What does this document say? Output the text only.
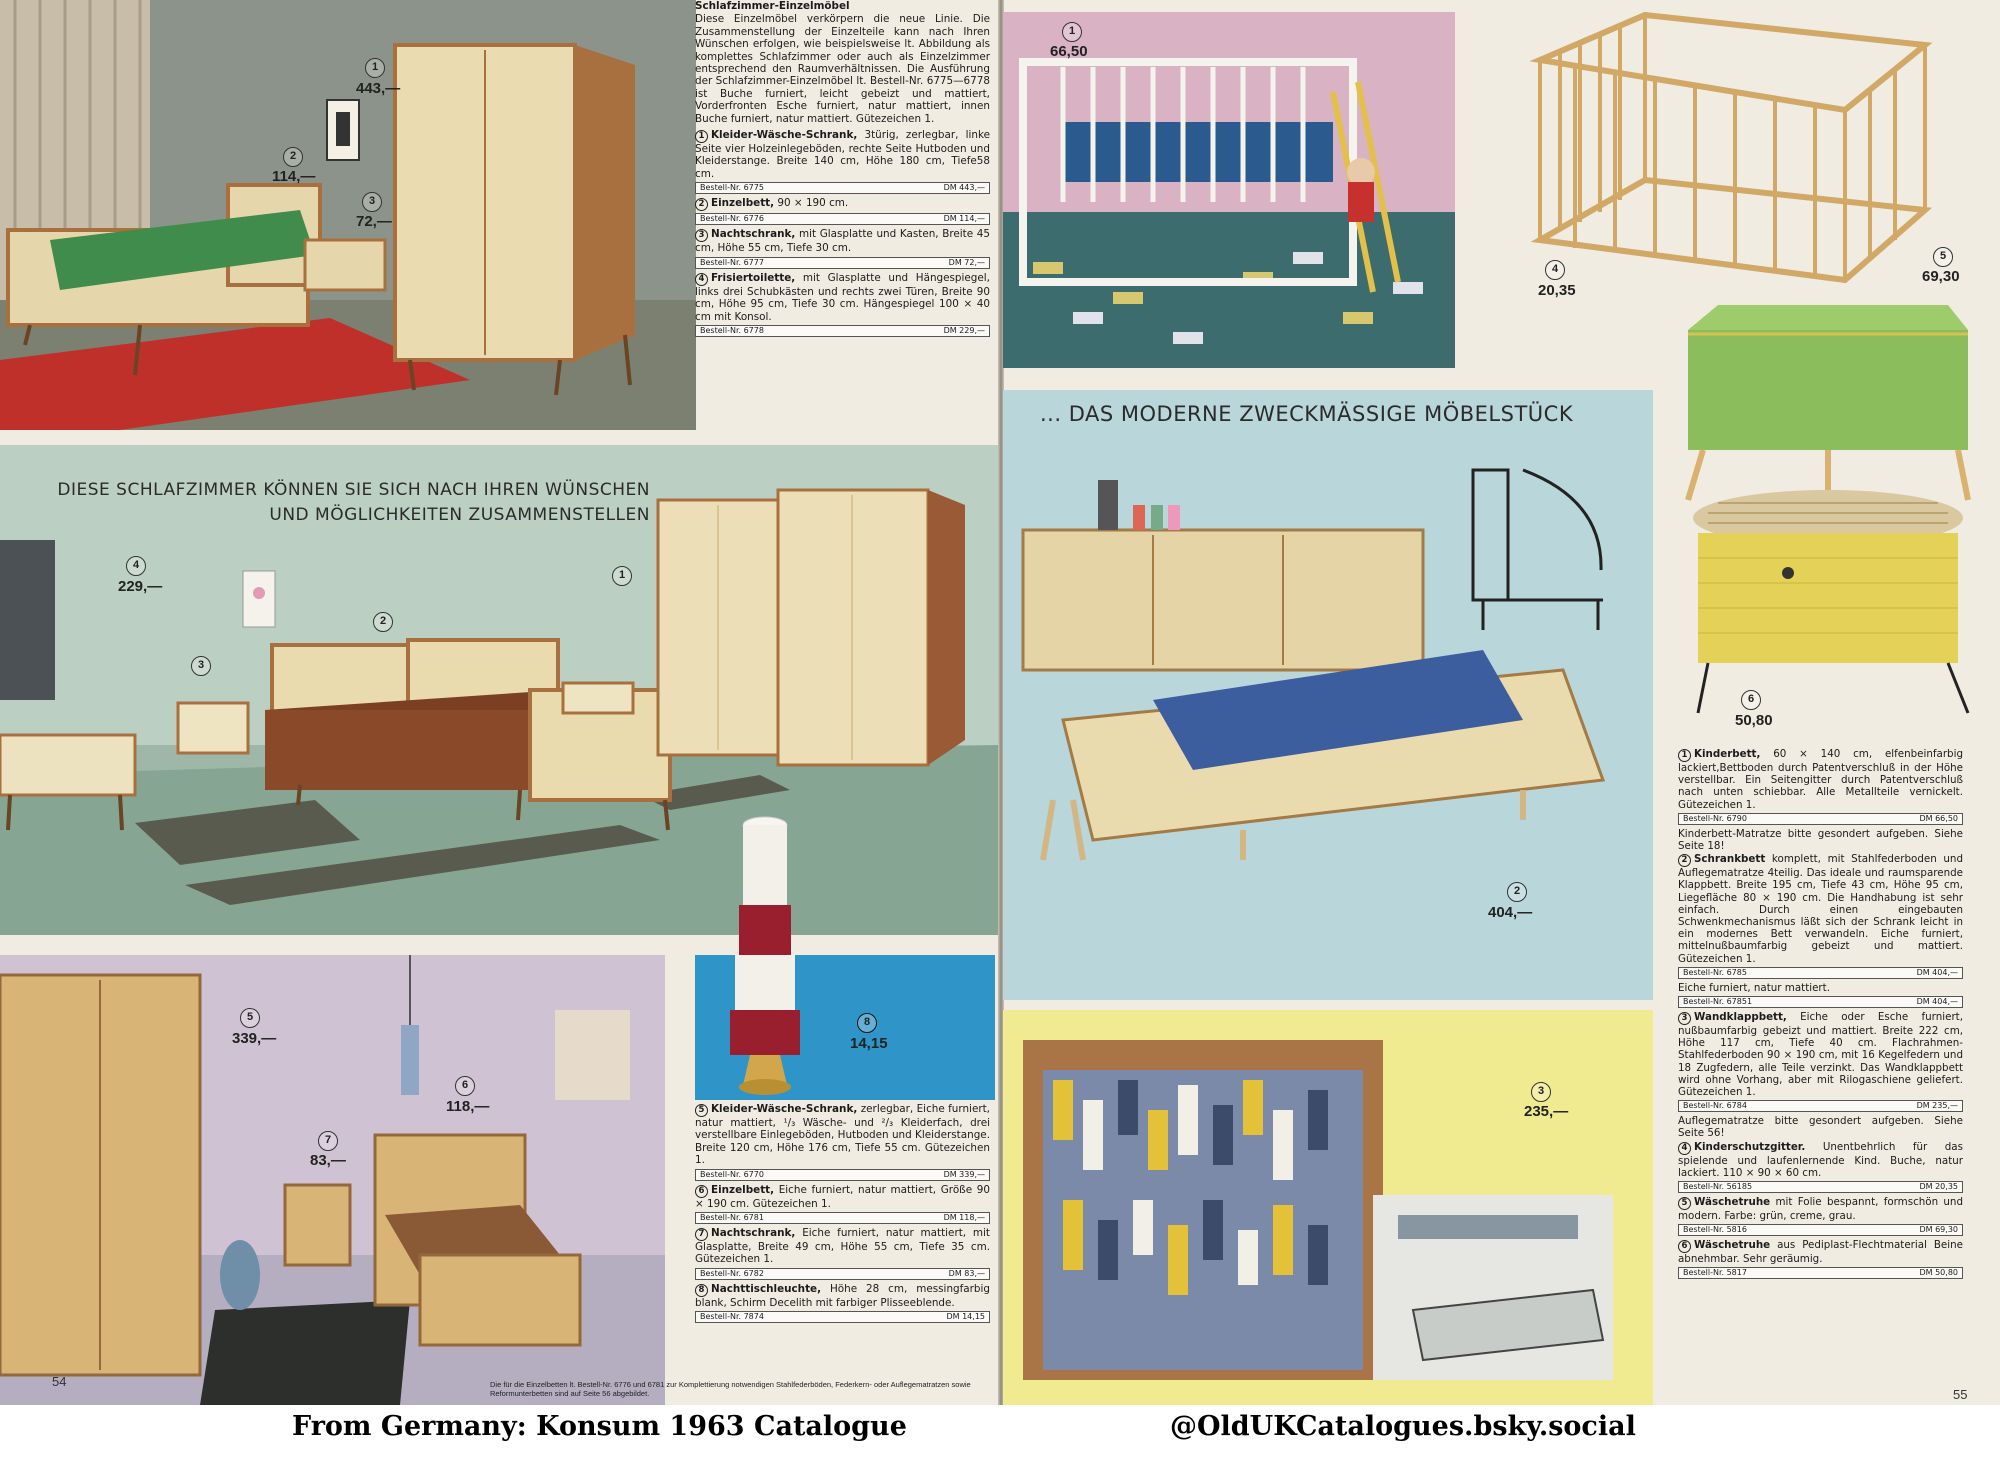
1
443,—
2
114,—
3
72,—

Schlafzimmer-Einzelmöbel

Diese Einzelmöbel verkörpern die neue Linie. Die Zusammenstellung der Einzelteile kann nach Ihren Wünschen erfolgen, wie beispielsweise lt. Abbildung als komplettes Schlafzimmer oder auch als Einzelzimmer entsprechend den Raumverhältnissen. Die Ausführung der Schlafzimmer-Einzelmöbel lt. Bestell-Nr. 6775—6778 ist Buche furniert, leicht gebeizt und mattiert, Vorderfronten Esche furniert, natur mattiert, innen Buche furniert, natur mattiert. Gütezeichen 1.

1 Kleider-Wäsche-Schrank, 3türig, zerlegbar, linke Seite vier Holzeinlegeböden, rechte Seite Hutboden und Kleiderstange. Breite 140 cm, Höhe 180 cm, Tiefe58 cm.

Bestell-Nr. 6775	DM 443,—

2 Einzelbett, 90 × 190 cm.

Bestell-Nr. 6776	DM 114,—

3 Nachtschrank, mit Glasplatte und Kasten, Breite 45 cm, Höhe 55 cm, Tiefe 30 cm.

Bestell-Nr. 6777	DM 72,—

4 Frisiertoilette, mit Glasplatte und Hängespiegel, links drei Schubkästen und rechts zwei Türen, Breite 90 cm, Höhe 95 cm, Tiefe 30 cm. Hängespiegel 100 × 40 cm mit Konsol.

Bestell-Nr. 6778	DM 229,—
DIESE SCHLAFZIMMER KÖNNEN SIE SICH NACH IHREN WÜNSCHEN
UND MÖGLICHKEITEN ZUSAMMENSTELLEN
4
229,—
1
2
3
5
339,—
6
118,—
7
83,—
8
14,15

5 Kleider-Wäsche-Schrank, zerlegbar, Eiche furniert, natur mattiert, ¹/₃ Wäsche- und ²/₃ Kleiderfach, drei verstellbare Einlegeböden, Hutboden und Kleiderstange. Breite 120 cm, Höhe 176 cm, Tiefe 55 cm. Gütezeichen 1.

Bestell-Nr. 6770	DM 339,—

6 Einzelbett, Eiche furniert, natur mattiert, Größe 90 × 190 cm. Gütezeichen 1.

Bestell-Nr. 6781	DM 118,—

7 Nachtschrank, Eiche furniert, natur mattiert, mit Glasplatte, Breite 49 cm, Höhe 55 cm, Tiefe 35 cm. Gütezeichen 1.

Bestell-Nr. 6782	DM 83,—

8 Nachttischleuchte, Höhe 28 cm, messingfarbig blank, Schirm Decelith mit farbiger Plisseeblende.

Bestell-Nr. 7874	DM 14,15
Die für die Einzelbetten lt. Bestell-Nr. 6776 und 6781 zur Komplettierung notwendigen Stahlfederböden, Federkern- oder Auflegematratzen sowie Reformunterbetten sind auf Seite 56 abgebildet.
54
1
66,50
4
20,35
5
69,30
6
50,80
... DAS MODERNE ZWECKMÄSSIGE MÖBELSTÜCK
2
404,—
3
235,—

1 Kinderbett, 60 × 140 cm, elfenbeinfarbig lackiert,Bettboden durch Patentverschluß in der Höhe verstellbar. Ein Seitengitter durch Patentverschluß nach unten schiebbar. Alle Metallteile vernickelt. Gütezeichen 1.

Bestell-Nr. 6790	DM 66,50

Kinderbett-Matratze bitte gesondert aufgeben. Siehe Seite 18!

2 Schrankbett komplett, mit Stahlfederboden und Auflegematratze 4teilig. Das ideale und raumsparende Klappbett. Breite 195 cm, Tiefe 43 cm, Höhe 95 cm, Liegefläche 80 × 190 cm. Die Handhabung ist sehr einfach. Durch einen eingebauten Schwenkmechanismus läßt sich der Schrank leicht in ein modernes Bett verwandeln. Eiche furniert, mittelnußbaumfarbig gebeizt und mattiert. Gütezeichen 1.

Bestell-Nr. 6785	DM 404,—

Eiche furniert, natur mattiert.

Bestell-Nr. 67851	DM 404,—

3 Wandklappbett, Eiche oder Esche furniert, nußbaumfarbig gebeizt und mattiert. Breite 222 cm, Höhe 117 cm, Tiefe 40 cm. Flachrahmen-Stahlfederboden 90 × 190 cm, mit 16 Kegelfedern und 18 Zugfedern, alle Teile verzinkt. Das Wandklappbett wird ohne Vorhang, aber mit Rilogaschiene geliefert. Gütezeichen 1.

Bestell-Nr. 6784	DM 235,—

Auflegematratze bitte gesondert aufgeben. Siehe Seite 56!

4 Kinderschutzgitter. Unentbehrlich für das spielende und laufenlernende Kind. Buche, natur lackiert. 110 × 90 × 60 cm.

Bestell-Nr. 56185	DM 20,35

5 Wäschetruhe mit Folie bespannt, formschön und modern. Farbe: grün, creme, grau.

Bestell-Nr. 5816	DM 69,30

6 Wäschetruhe aus Pediplast-Flechtmaterial Beine abnehmbar. Sehr geräumig.

Bestell-Nr. 5817	DM 50,80
55
From Germany: Konsum 1963 Catalogue	@OldUKCatalogues.bsky.social
